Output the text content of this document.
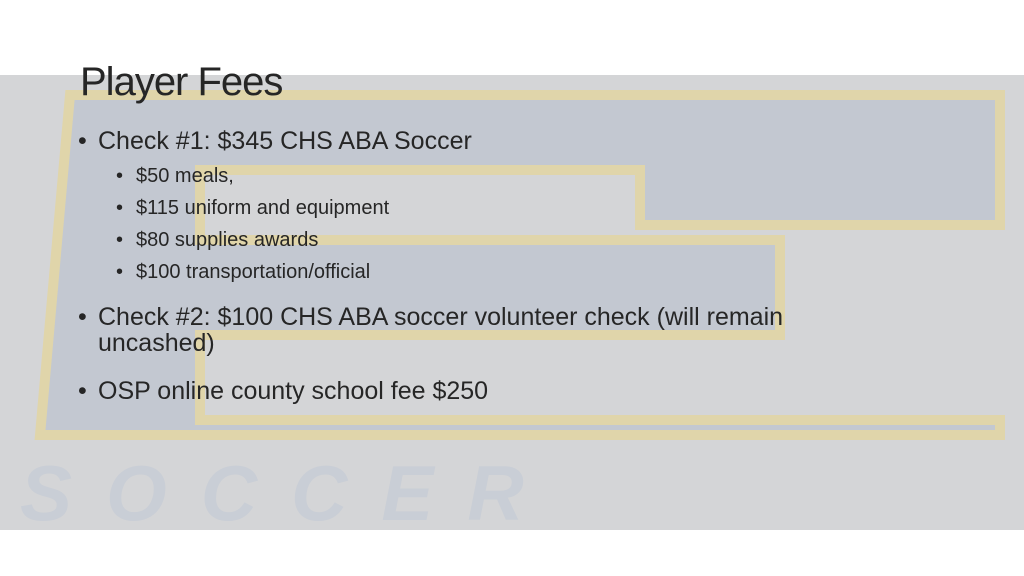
SOCCER
Player Fees
• Check #1: $345 CHS ABA Soccer
• $50 meals,
• $115 uniform and equipment
• $80 supplies awards
• $100 transportation/official
• Check #2: $100 CHS ABA soccer volunteer check (will remain uncashed)
• OSP online county school fee $250
